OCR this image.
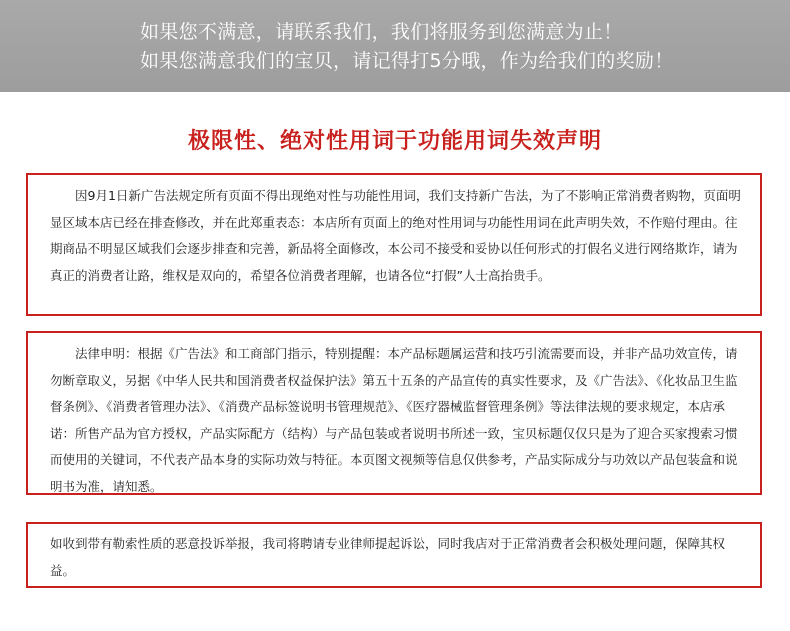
如果您不满意，请联系我们，我们将服务到您满意为止！
如果您满意我们的宝贝，请记得打5分哦，作为给我们的奖励！
极限性、绝对性用词于功能用词失效声明

因9月1日新广告法规定所有页面不得出现绝对性与功能性用词，我们支持新广告法，为了不影响正常消费者购物，页面明显区域本店已经在排查修改，并在此郑重表态：本店所有页面上的绝对性用词与功能性用词在此声明失效，不作赔付理由。往期商品不明显区域我们会逐步排查和完善，新品将全面修改，本公司不接受和妥协以任何形式的打假名义进行网络欺诈，请为真正的消费者让路，维权是双向的，希望各位消费者理解，也请各位“打假”人士高抬贵手。

法律申明：根据《广告法》和工商部门指示，特别提醒：本产品标题属运营和技巧引流需要而设，并非产品功效宣传，请勿断章取义，另据《中华人民共和国消费者权益保护法》第五十五条的产品宣传的真实性要求，及《广告法》、《化妆品卫生监督条例》、《消费者管理办法》、《消费产品标签说明书管理规范》、《医疗器械监督管理条例》等法律法规的要求规定，本店承诺：所售产品为官方授权，产品实际配方（结构）与产品包装或者说明书所述一致，宝贝标题仅仅只是为了迎合买家搜索习惯而使用的关键词，不代表产品本身的实际功效与特征。本页图文视频等信息仅供参考，产品实际成分与功效以产品包装盒和说明书为准，请知悉。

如收到带有勒索性质的恶意投诉举报，我司将聘请专业律师提起诉讼，同时我店对于正常消费者会积极处理问题，保障其权益。
